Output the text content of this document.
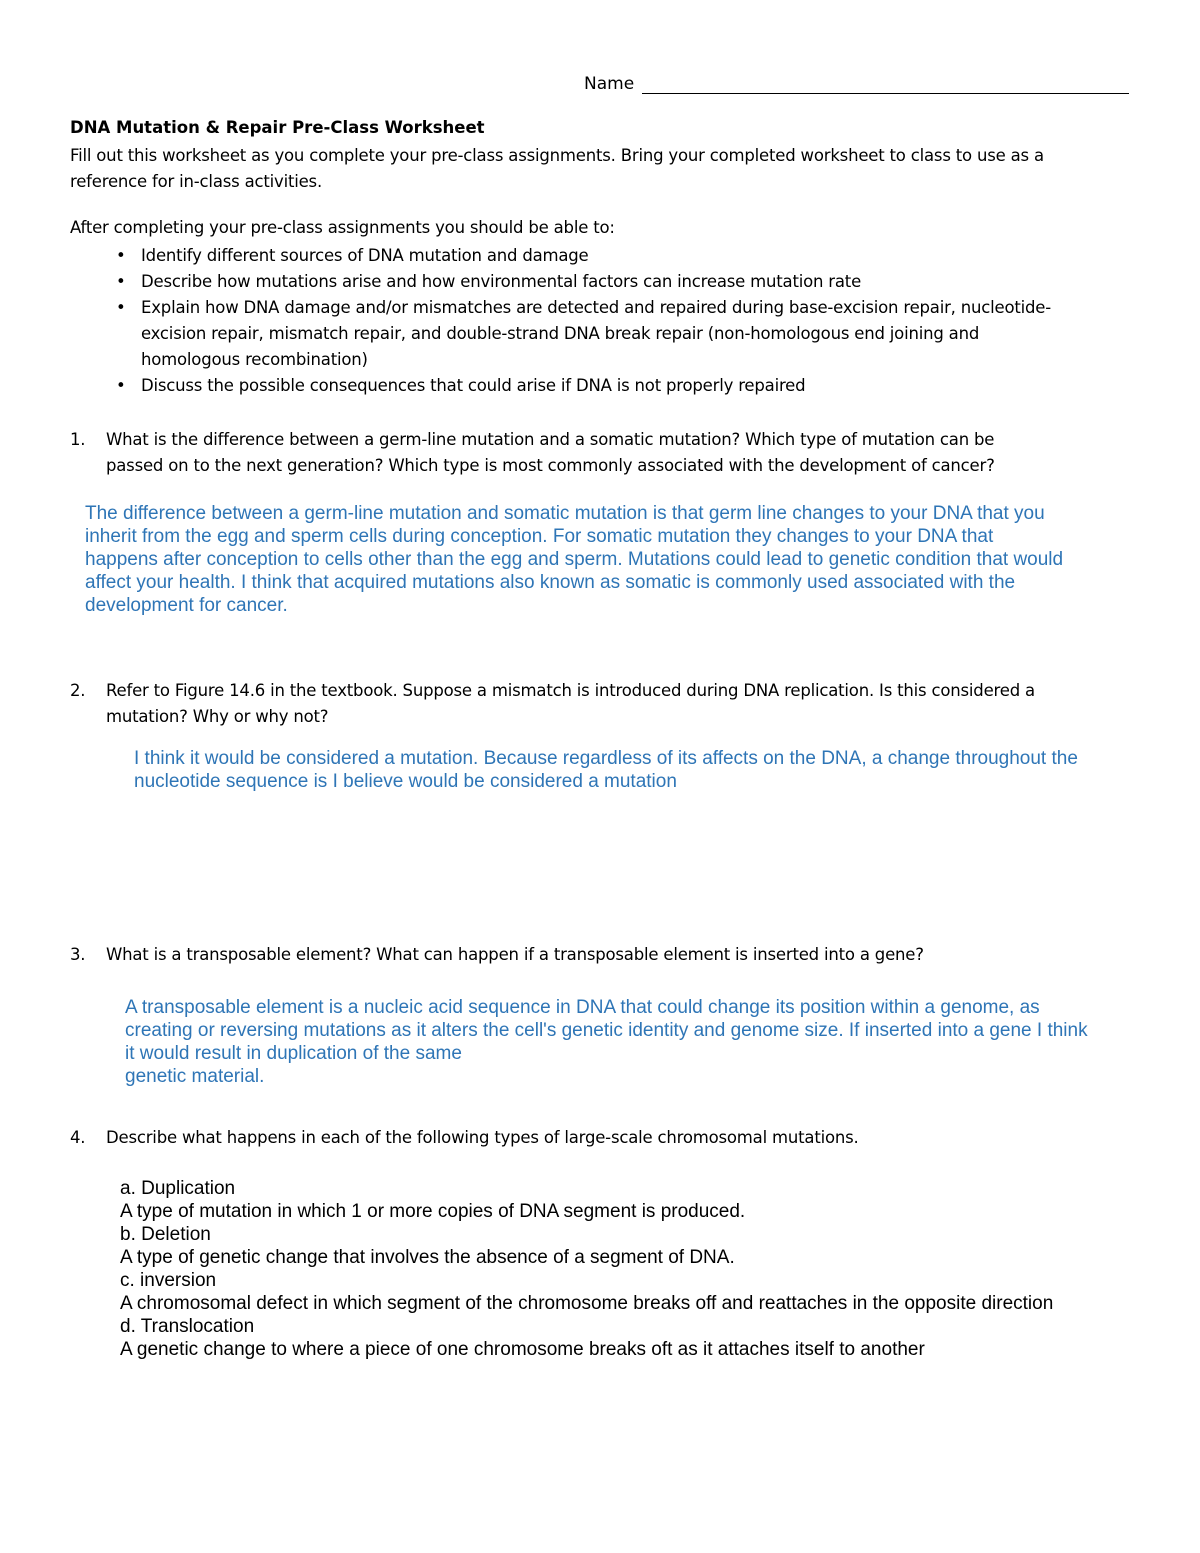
Name
DNA Mutation & Repair Pre-Class Worksheet
Fill out this worksheet as you complete your pre-class assignments. Bring your completed worksheet to class to use as a
reference for in-class activities.
After completing your pre-class assignments you should be able to:
• Identify different sources of DNA mutation and damage
• Describe how mutations arise and how environmental factors can increase mutation rate
• Explain how DNA damage and/or mismatches are detected and repaired during base-excision repair, nucleotide-
excision repair, mismatch repair, and double-strand DNA break repair (non-homologous end joining and
homologous recombination)
• Discuss the possible consequences that could arise if DNA is not properly repaired
1. What is the difference between a germ-line mutation and a somatic mutation? Which type of mutation can be
passed on to the next generation? Which type is most commonly associated with the development of cancer?
The difference between a germ-line mutation and somatic mutation is that germ line changes to your DNA that you
inherit from the egg and sperm cells during conception. For somatic mutation they changes to your DNA that
happens after conception to cells other than the egg and sperm. Mutations could lead to genetic condition that would
affect your health. I think that acquired mutations also known as somatic is commonly used associated with the
development for cancer.
2. Refer to Figure 14.6 in the textbook. Suppose a mismatch is introduced during DNA replication. Is this considered a
mutation? Why or why not?
I think it would be considered a mutation. Because regardless of its affects on the DNA, a change throughout the
nucleotide sequence is I believe would be considered a mutation
3. What is a transposable element? What can happen if a transposable element is inserted into a gene?
A transposable element is a nucleic acid sequence in DNA that could change its position within a genome, as
creating or reversing mutations as it alters the cell's genetic identity and genome size. If inserted into a gene I think
it would result in duplication of the same
genetic material.
4. Describe what happens in each of the following types of large-scale chromosomal mutations.
a. Duplication
A type of mutation in which 1 or more copies of DNA segment is produced.
b. Deletion
A type of genetic change that involves the absence of a segment of DNA.
c. inversion
A chromosomal defect in which segment of the chromosome breaks off and reattaches in the opposite direction
d. Translocation
A genetic change to where a piece of one chromosome breaks oft as it attaches itself to another
